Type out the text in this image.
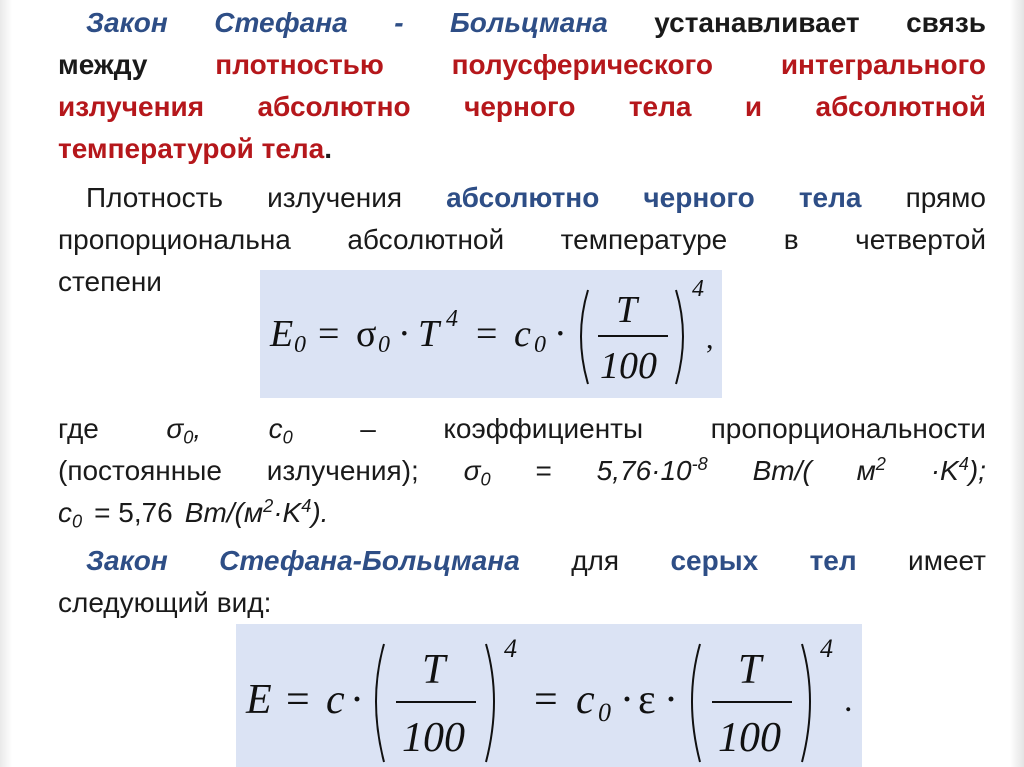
Закон Стефана - Больцмана устанавливает связь
между плотностью полусферического интегрального
излучения абсолютно черного тела и абсолютной
температурой тела .
Плотность излучения абсолютно черного тела прямо
пропорциональна абсолютной температуре в четвертой
степени
E 0 = σ 0 · T 4 = c 0 ·
T
100
4
,
где $\sigma_0$, $c_0$ – коэффициенты пропорциональности
(постоянные излучения); $\sigma_0 = 5,76\cdot 10^{-8}$ Вт/( $м^2 \cdot K^4$);
$c_0 = 5,76$ $Вт/(м^2\cdot K^4)$.
Закон Стефана-Больцмана для серых тел имеет
следующий вид:
E = c ·
T
100
4
= c 0 · ε ·
T
100
4
.
